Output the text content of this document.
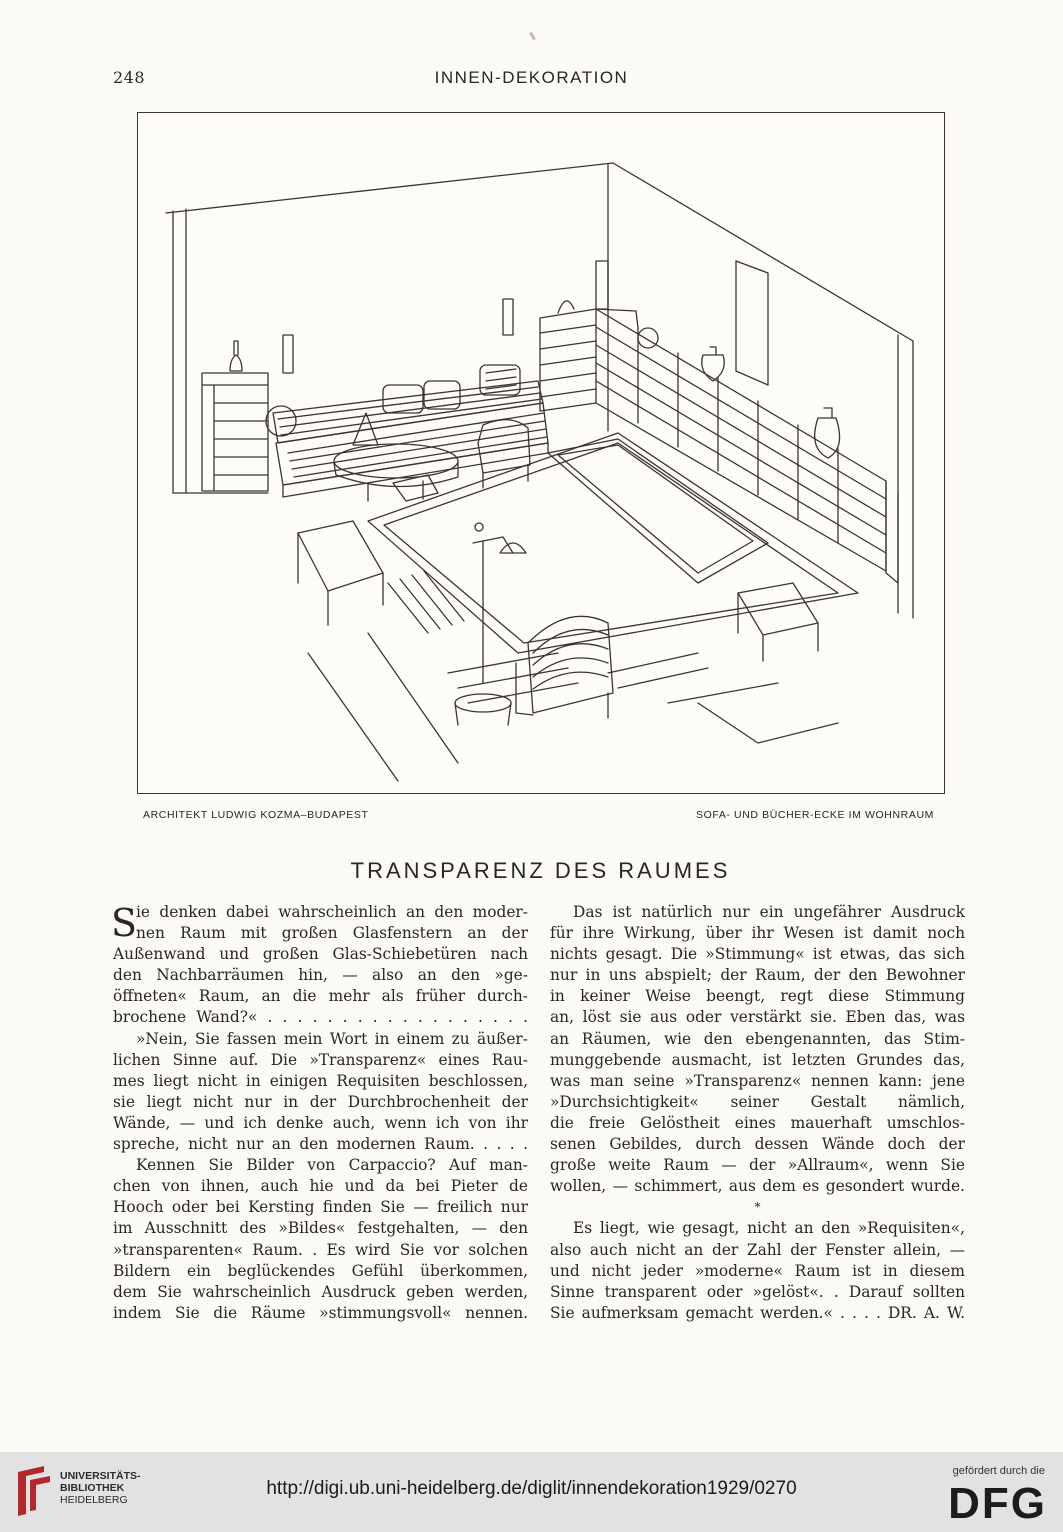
248	INNEN-DEKORATION
ARCHITEKT LUDWIG KOZMA–BUDAPEST	SOFA- UND BÜCHER-ECKE IM WOHNRAUM
TRANSPARENZ DES RAUMES
S
ie denken dabei wahrscheinlich an den moder-
nen Raum mit großen Glasfenstern an der
Außenwand und großen Glas-Schiebetüren nach
den Nachbarräumen hin, — also an den »ge-
öffneten« Raum, an die mehr als früher durch-
brochene Wand?« . . . . . . . . . . . . . . . . . .
»Nein, Sie fassen mein Wort in einem zu äußer-
lichen Sinne auf. Die »Transparenz« eines Rau-
mes liegt nicht in einigen Requisiten beschlossen,
sie liegt nicht nur in der Durchbrochenheit der
Wände, — und ich denke auch, wenn ich von ihr
spreche, nicht nur an den modernen Raum. . . . .
Kennen Sie Bilder von Carpaccio? Auf man-
chen von ihnen, auch hie und da bei Pieter de
Hooch oder bei Kersting finden Sie — freilich nur
im Ausschnitt des »Bildes« festgehalten, — den
»transparenten« Raum. . Es wird Sie vor solchen
Bildern ein beglückendes Gefühl überkommen,
dem Sie wahrscheinlich Ausdruck geben werden,
indem Sie die Räume »stimmungsvoll« nennen.
Das ist natürlich nur ein ungefährer Ausdruck
für ihre Wirkung, über ihr Wesen ist damit noch
nichts gesagt. Die »Stimmung« ist etwas, das sich
nur in uns abspielt; der Raum, der den Bewohner
in keiner Weise beengt, regt diese Stimmung
an, löst sie aus oder verstärkt sie. Eben das, was
an Räumen, wie den ebengenannten, das Stim-
munggebende ausmacht, ist letzten Grundes das,
was man seine »Transparenz« nennen kann: jene
»Durchsichtigkeit« seiner Gestalt nämlich,
die freie Gelöstheit eines mauerhaft umschlos-
senen Gebildes, durch dessen Wände doch der
große weite Raum — der »Allraum«, wenn Sie
wollen, — schimmert, aus dem es gesondert wurde.
*
Es liegt, wie gesagt, nicht an den »Requisiten«,
also auch nicht an der Zahl der Fenster allein, —
und nicht jeder »moderne« Raum ist in diesem
Sinne transparent oder »gelöst«. . Darauf sollten
Sie aufmerksam gemacht werden.« . . . . DR. A. W.
UNIVERSITÄTS-
BIBLIOTHEK
HEIDELBERG
http://digi.ub.uni-heidelberg.de/diglit/innendekoration1929/0270
gefördert durch die
DFG
